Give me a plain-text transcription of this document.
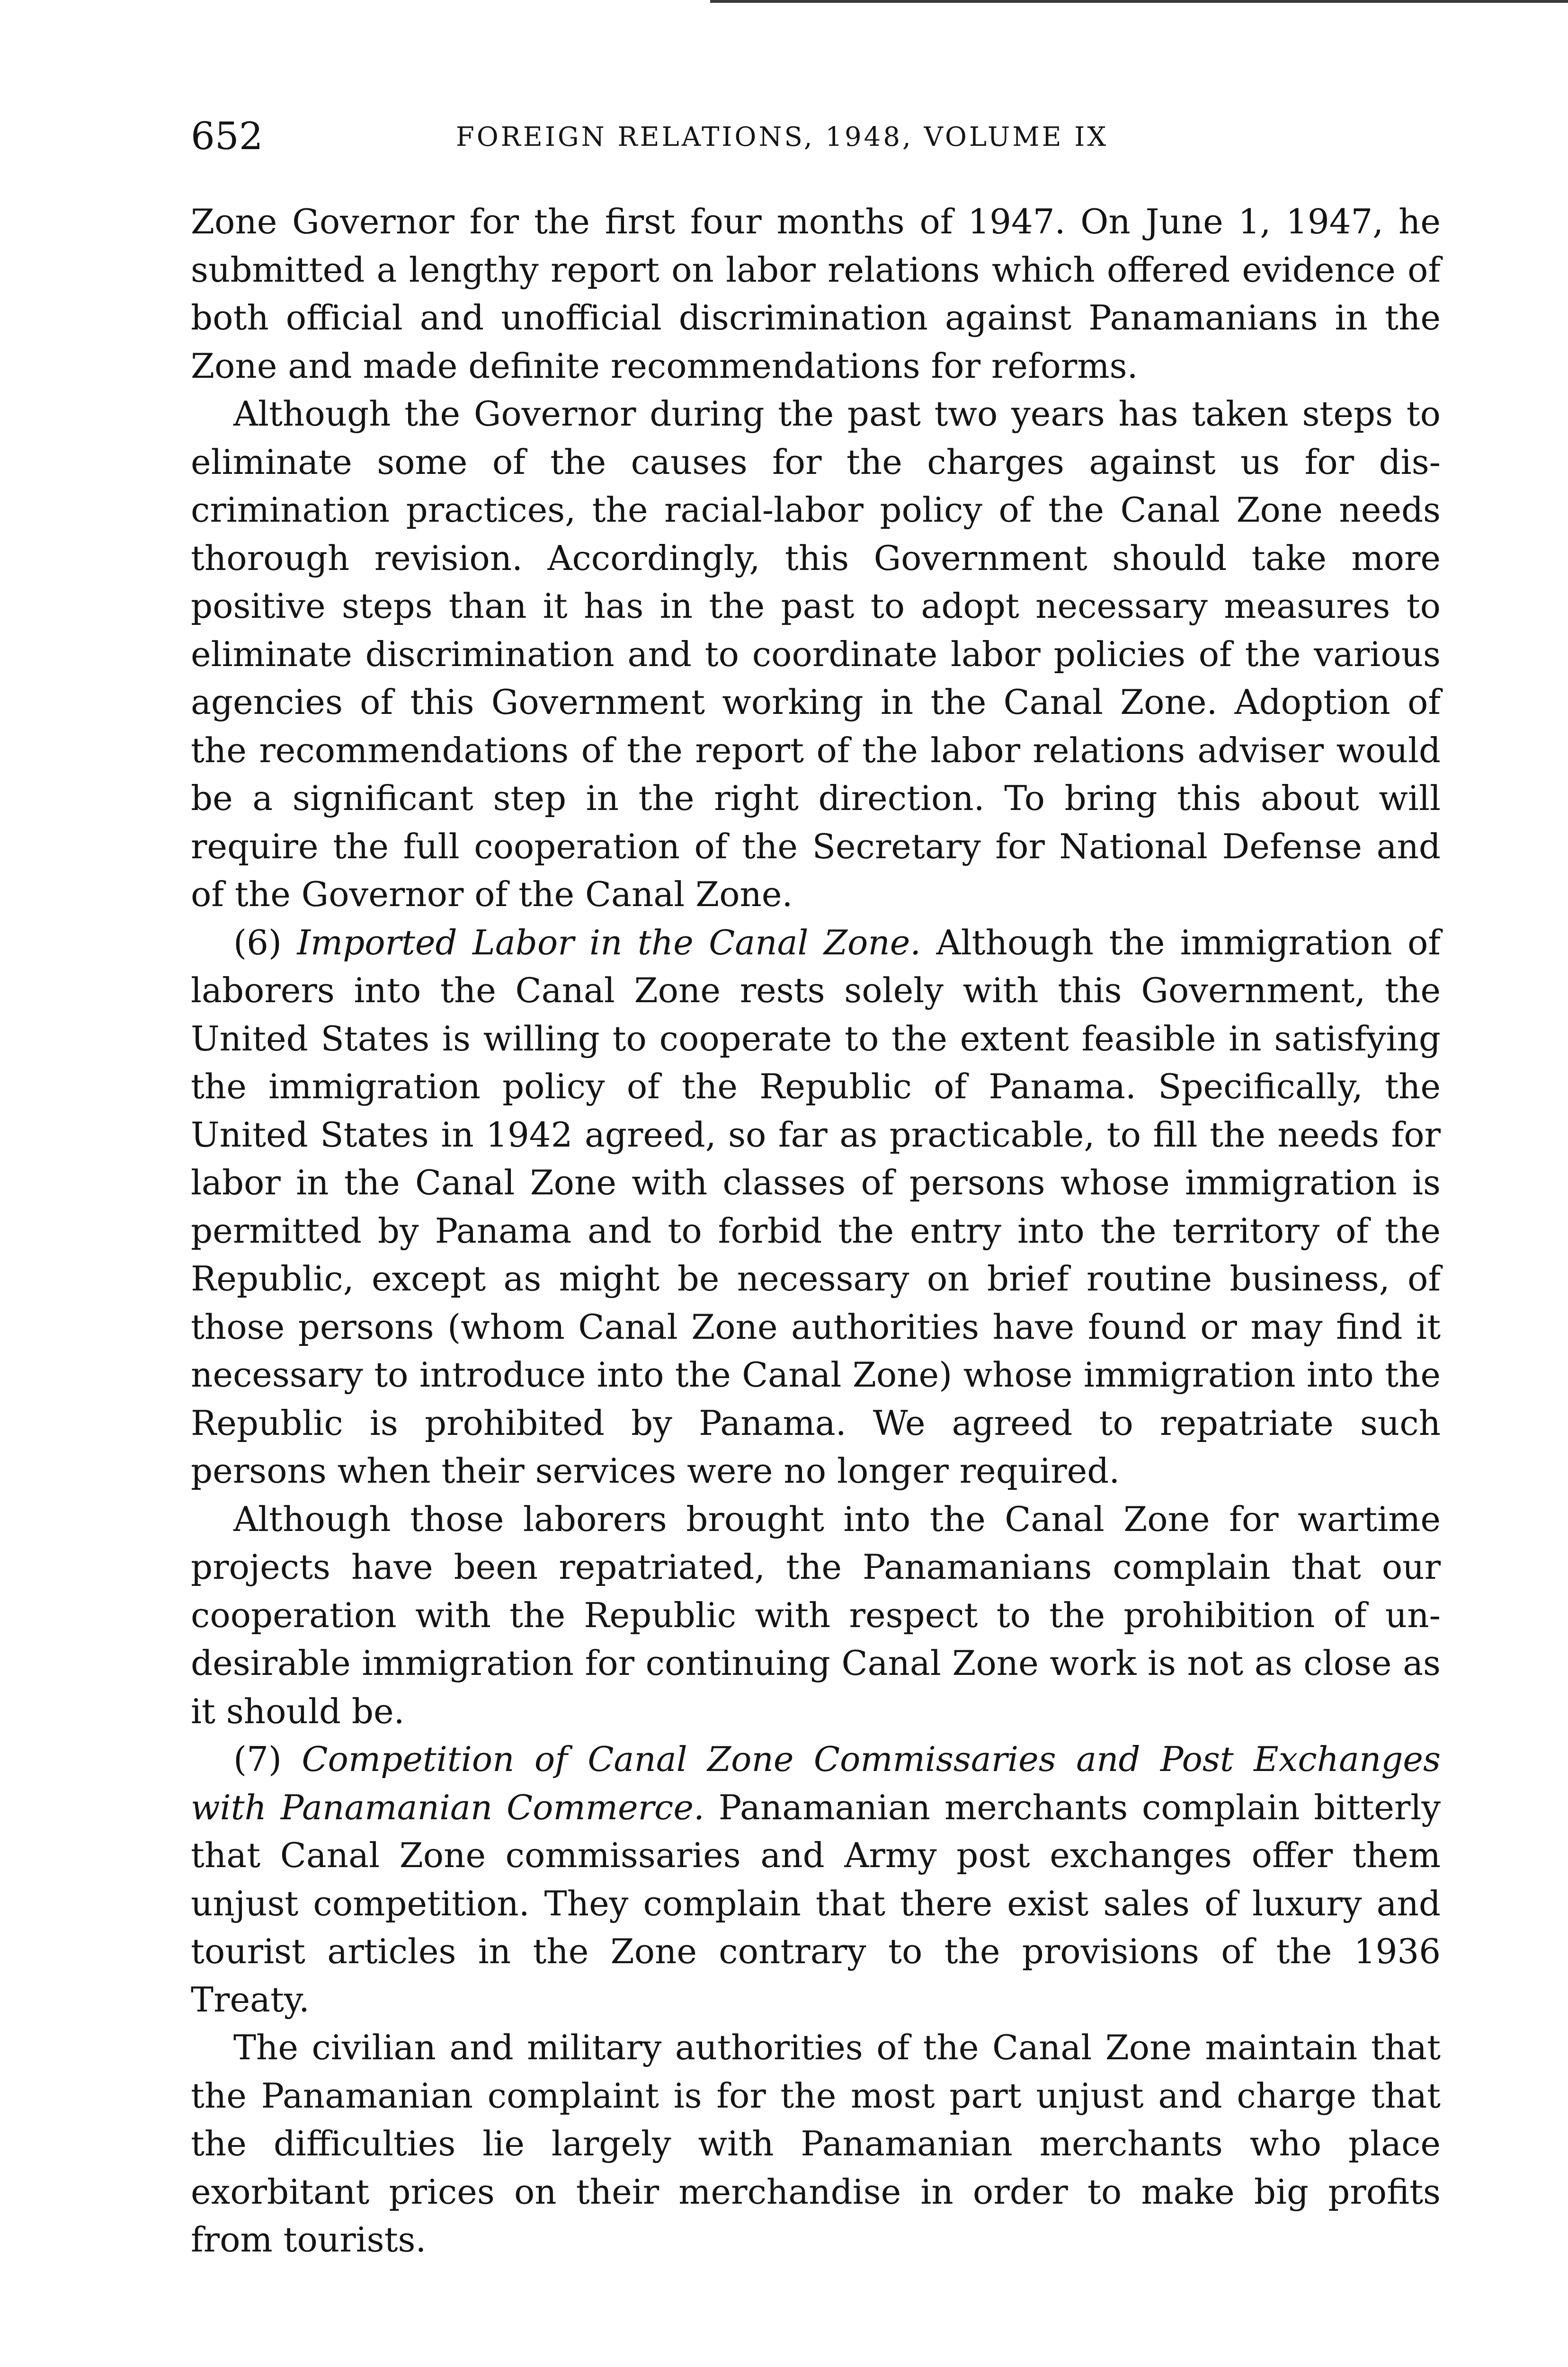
652	FOREIGN RELATIONS, 1948, VOLUME IX

Zone Governor for the first four months of 1947. On June 1, 1947, he submitted a lengthy report on labor relations which offered evidence of both official and unofficial discrimination against Panamanians in the Zone and made definite recommendations for reforms.

Although the Governor during the past two years has taken steps to eliminate some of the causes for the charges against us for discrimination practices, the racial-labor policy of the Canal Zone needs thorough revision. Accordingly, this Government should take more positive steps than it has in the past to adopt necessary measures to eliminate discrimination and to coordinate labor policies of the various agencies of this Government working in the Canal Zone. Adoption of the recommendations of the report of the labor relations adviser would be a significant step in the right direction. To bring this about will require the full cooperation of the Secretary for National Defense and of the Governor of the Canal Zone.

(6) Imported Labor in the Canal Zone. Although the immigration of laborers into the Canal Zone rests solely with this Government, the United States is willing to cooperate to the extent feasible in satisfying the immigration policy of the Republic of Panama. Specifically, the United States in 1942 agreed, so far as practicable, to fill the needs for labor in the Canal Zone with classes of persons whose immigration is permitted by Panama and to forbid the entry into the territory of the Republic, except as might be necessary on brief routine business, of those persons (whom Canal Zone authorities have found or may find it necessary to introduce into the Canal Zone) whose immigration into the Republic is prohibited by Panama. We agreed to repatriate such persons when their services were no longer required.

Although those laborers brought into the Canal Zone for wartime projects have been repatriated, the Panamanians complain that our cooperation with the Republic with respect to the prohibition of undesirable immigration for continuing Canal Zone work is not as close as it should be.

(7) Competition of Canal Zone Commissaries and Post Exchanges with Panamanian Commerce. Panamanian merchants complain bitterly that Canal Zone commissaries and Army post exchanges offer them unjust competition. They complain that there exist sales of luxury and tourist articles in the Zone contrary to the provisions of the 1936 Treaty.

The civilian and military authorities of the Canal Zone maintain that the Panamanian complaint is for the most part unjust and charge that the difficulties lie largely with Panamanian merchants who place exorbitant prices on their merchandise in order to make big profits from tourists.
